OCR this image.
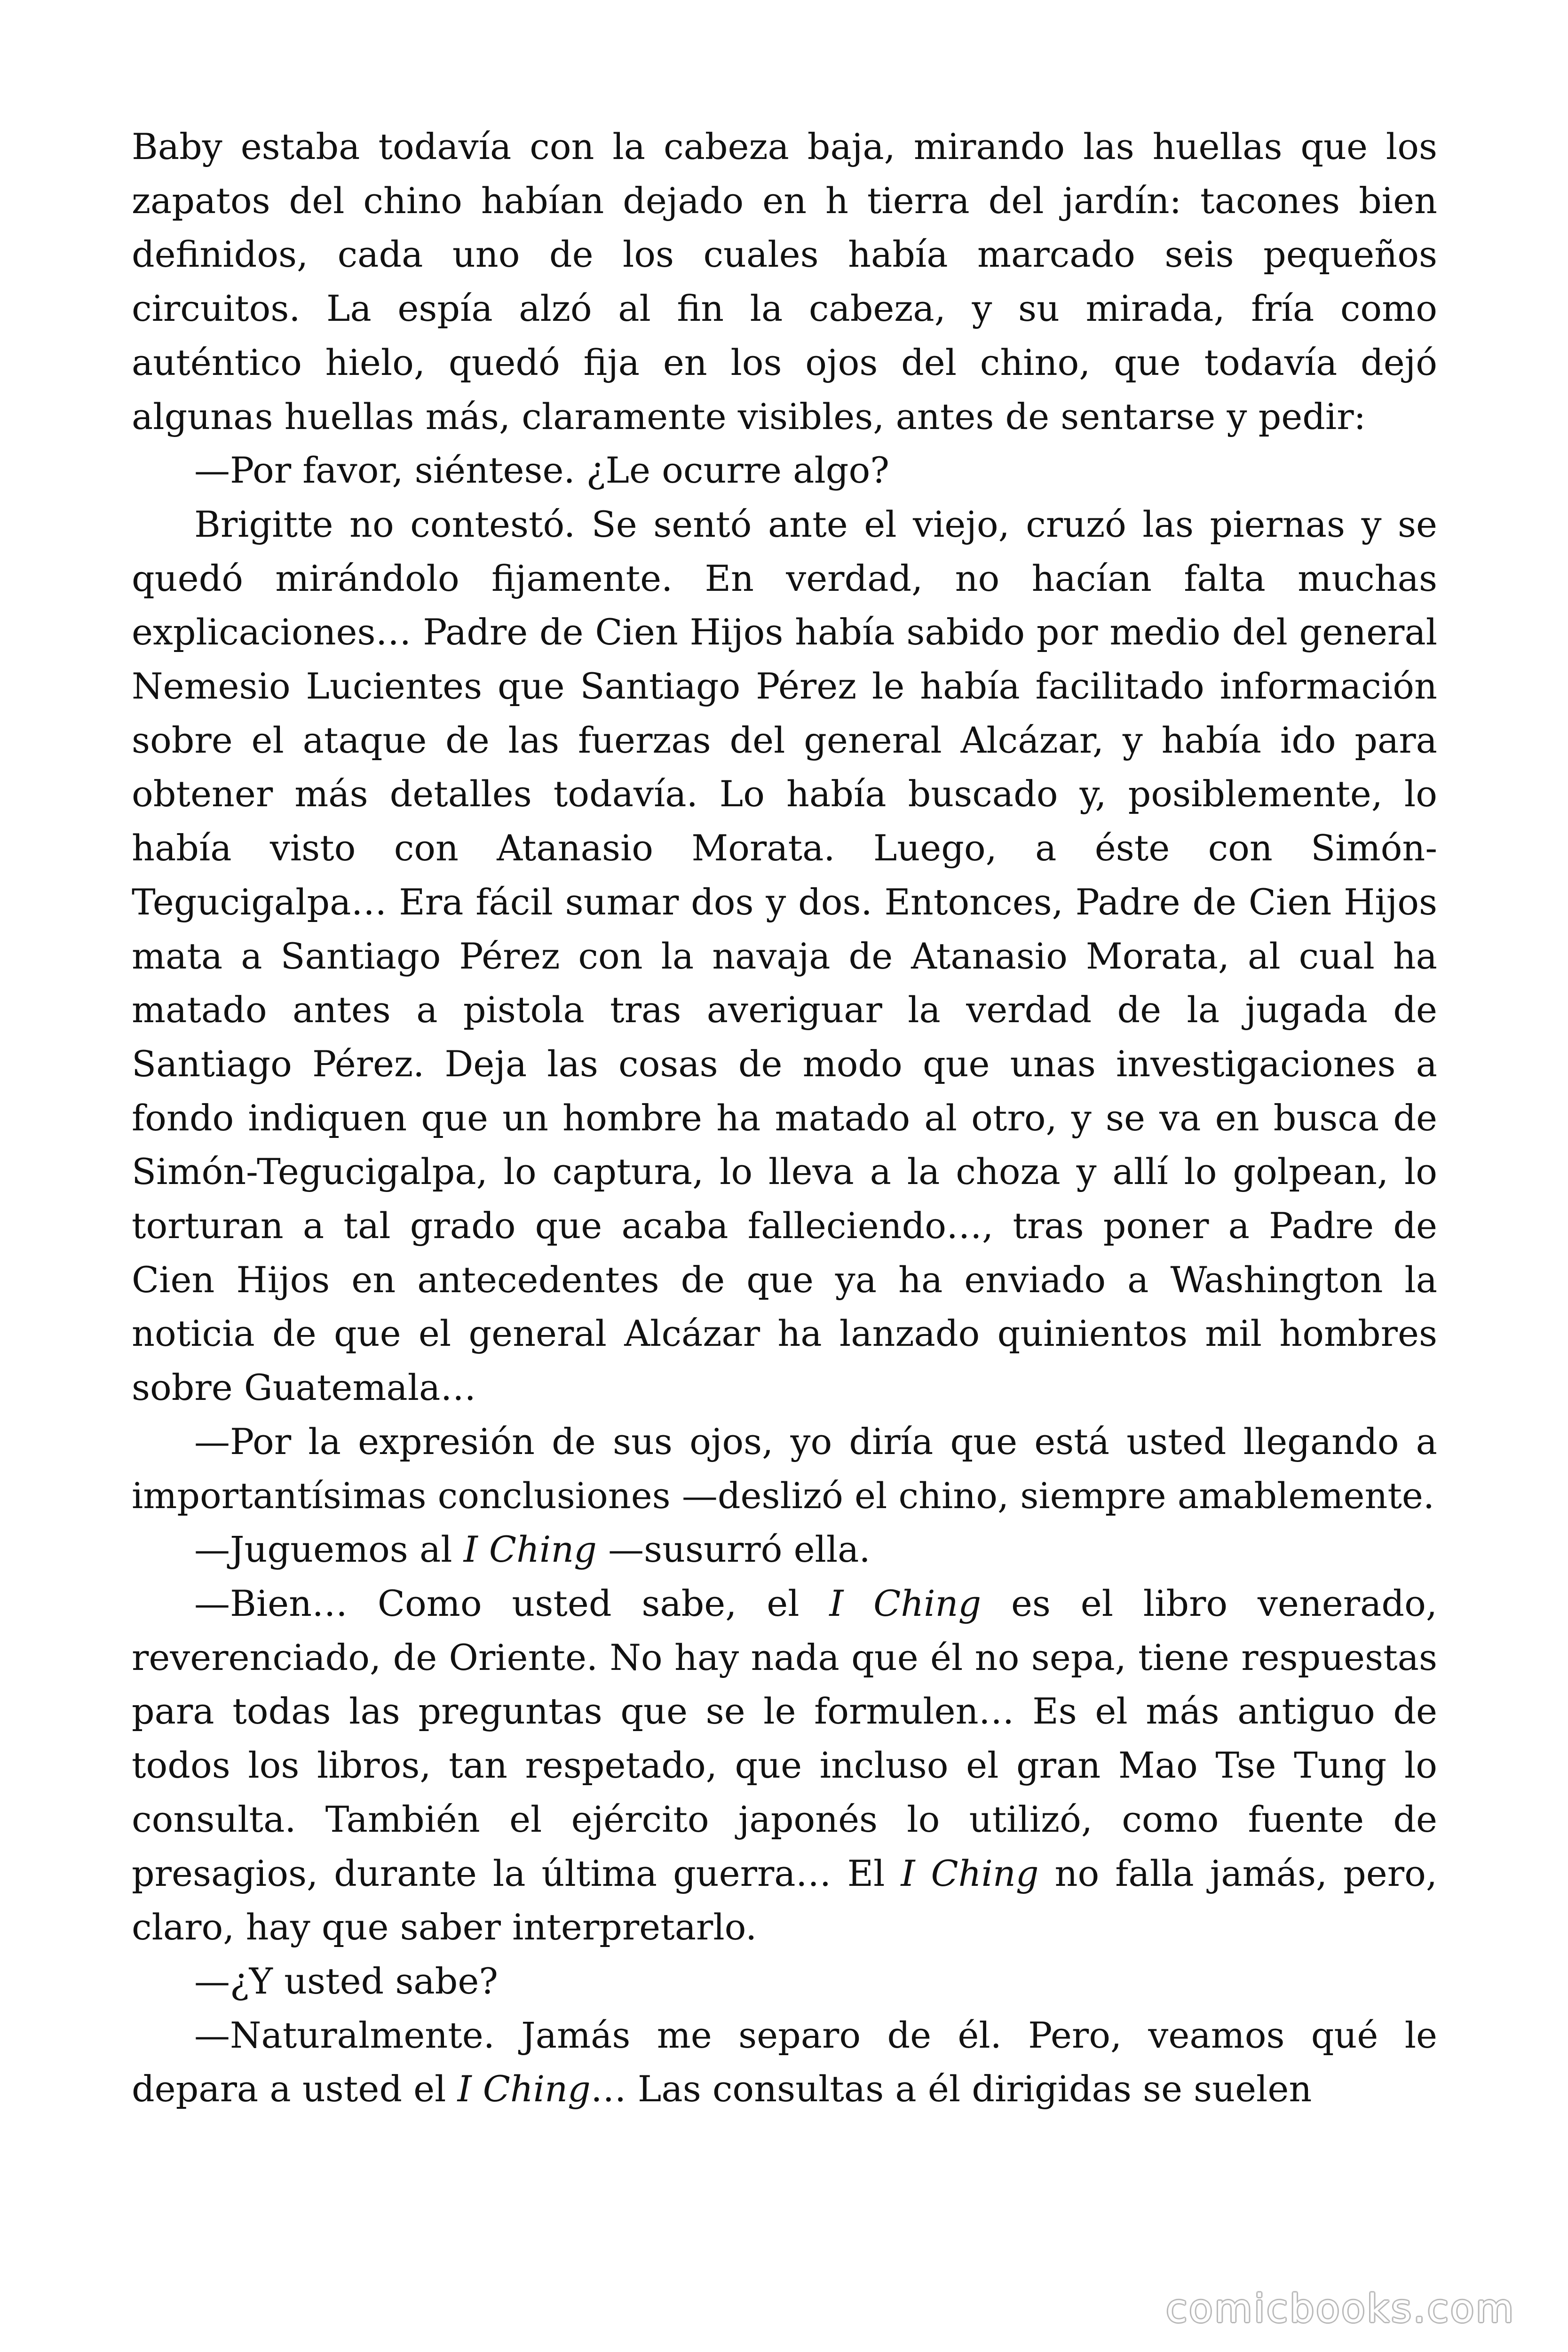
Baby estaba todavía con la cabeza baja, mirando las huellas que los zapatos del chino habían dejado en h tierra del jardín: tacones bien definidos, cada uno de los cuales había marcado seis pequeños circuitos. La espía alzó al fin la cabeza, y su mirada, fría como auténtico hielo, quedó fija en los ojos del chino, que todavía dejó algunas huellas más, claramente visibles, antes de sentarse y pedir:

—Por favor, siéntese. ¿Le ocurre algo?

Brigitte no contestó. Se sentó ante el viejo, cruzó las piernas y se quedó mirándolo fijamente. En verdad, no hacían falta muchas explicaciones… Padre de Cien Hijos había sabido por medio del general Nemesio Lucientes que Santiago Pérez le había facilitado información sobre el ataque de las fuerzas del general Alcázar, y había ido para obtener más detalles todavía. Lo había buscado y, posiblemente, lo había visto con Atanasio Morata. Luego, a éste con Simón-Tegucigalpa… Era fácil sumar dos y dos. Entonces, Padre de Cien Hijos mata a Santiago Pérez con la navaja de Atanasio Morata, al cual ha matado antes a pistola tras averiguar la verdad de la jugada de Santiago Pérez. Deja las cosas de modo que unas investigaciones a fondo indiquen que un hombre ha matado al otro, y se va en busca de Simón-Tegucigalpa, lo captura, lo lleva a la choza y allí lo golpean, lo torturan a tal grado que acaba falleciendo…, tras poner a Padre de Cien Hijos en antecedentes de que ya ha enviado a Washington la noticia de que el general Alcázar ha lanzado quinientos mil hombres sobre Guatemala…

—Por la expresión de sus ojos, yo diría que está usted llegando a importantísimas conclusiones —deslizó el chino, siempre amablemente.

—Juguemos al I Ching —susurró ella.

—Bien… Como usted sabe, el I Ching es el libro venerado, reverenciado, de Oriente. No hay nada que él no sepa, tiene respuestas para todas las preguntas que se le formulen… Es el más antiguo de todos los libros, tan respetado, que incluso el gran Mao Tse Tung lo consulta. También el ejército japonés lo utilizó, como fuente de presagios, durante la última guerra… El I Ching no falla jamás, pero, claro, hay que saber interpretarlo.

—¿Y usted sabe?

—Naturalmente. Jamás me separo de él. Pero, veamos qué le depara a usted el I Ching… Las consultas a él dirigidas se suelen

comicbooks.com
